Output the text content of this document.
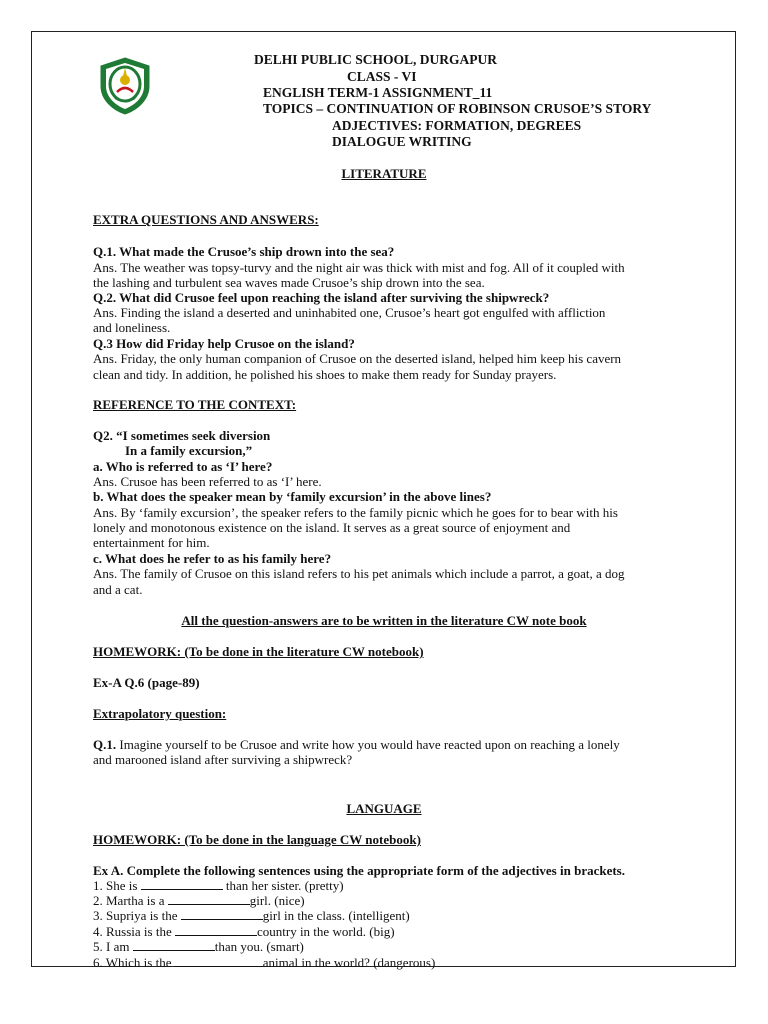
DELHI PUBLIC SCHOOL, DURGAPUR
CLASS - VI
ENGLISH TERM-1 ASSIGNMENT_11
TOPICS – CONTINUATION OF ROBINSON CRUSOE’S STORY
ADJECTIVES: FORMATION, DEGREES
DIALOGUE WRITING
LITERATURE
EXTRA QUESTIONS AND ANSWERS:
Q.1. What made the Crusoe’s ship drown into the sea?
Ans. The weather was topsy-turvy and the night air was thick with mist and fog. All of it coupled with
the lashing and turbulent sea waves made Crusoe’s ship drown into the sea.
Q.2. What did Crusoe feel upon reaching the island after surviving the shipwreck?
Ans. Finding the island a deserted and uninhabited one, Crusoe’s heart got engulfed with affliction
and loneliness.
Q.3 How did Friday help Crusoe on the island?
Ans. Friday, the only human companion of Crusoe on the deserted island, helped him keep his cavern
clean and tidy. In addition, he polished his shoes to make them ready for Sunday prayers.
REFERENCE TO THE CONTEXT:
Q2. “I sometimes seek diversion
In a family excursion,”
a. Who is referred to as ‘I’ here?
Ans. Crusoe has been referred to as ‘I’ here.
b. What does the speaker mean by ‘family excursion’ in the above lines?
Ans. By ‘family excursion’, the speaker refers to the family picnic which he goes for to bear with his
lonely and monotonous existence on the island. It serves as a great source of enjoyment and
entertainment for him.
c. What does he refer to as his family here?
Ans. The family of Crusoe on this island refers to his pet animals which include a parrot, a goat, a dog
and a cat.
All the question-answers are to be written in the literature CW note book
HOMEWORK: (To be done in the literature CW notebook)
Ex-A Q.6 (page-89)
Extrapolatory question:
Q.1. Imagine yourself to be Crusoe and write how you would have reacted upon on reaching a lonely
and marooned island after surviving a shipwreck?
LANGUAGE
HOMEWORK: (To be done in the language CW notebook)
Ex A. Complete the following sentences using the appropriate form of the adjectives in brackets.
1. She is	than her sister. (pretty)
2. Martha is a	girl. (nice)
3. Supriya is the	girl in the class. (intelligent)
4. Russia is the	country in the world. (big)
5. I am	than you. (smart)
6. Which is the	animal in the world? (dangerous)
